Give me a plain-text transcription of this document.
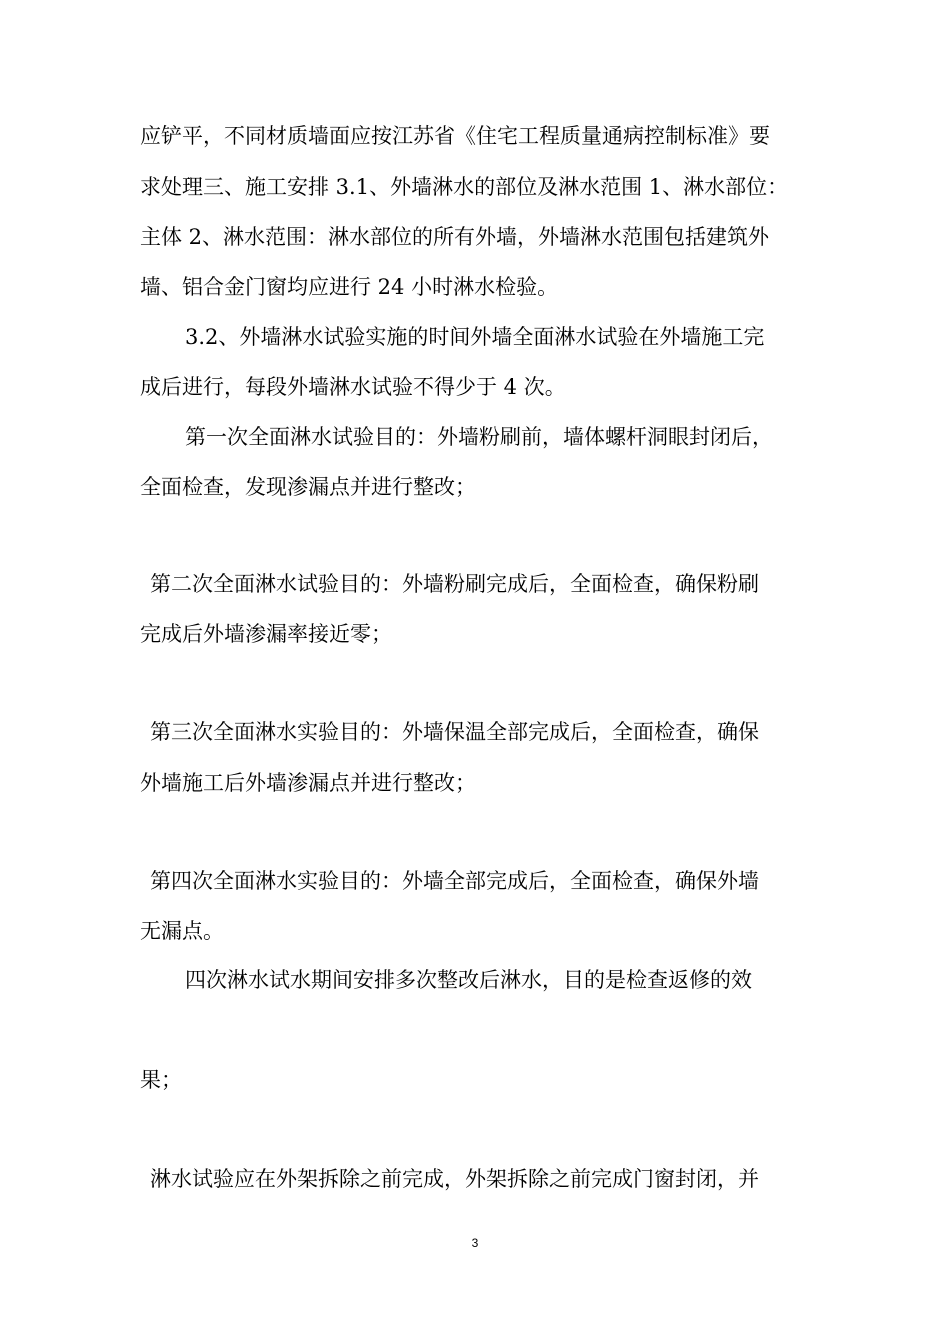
应铲平，不同材质墙面应按江苏省《住宅工程质量通病控制标准》要
求处理三、施工安排 3.1、外墙淋水的部位及淋水范围 1、淋水部位：
主体 2、淋水范围：淋水部位的所有外墙，外墙淋水范围包括建筑外
墙、铝合金门窗均应进行 24 小时淋水检验。
3.2、外墙淋水试验实施的时间外墙全面淋水试验在外墙施工完
成后进行，每段外墙淋水试验不得少于 4 次。
第一次全面淋水试验目的：外墙粉刷前，墙体螺杆洞眼封闭后，
全面检查，发现渗漏点并进行整改；
第二次全面淋水试验目的：外墙粉刷完成后，全面检查，确保粉刷
完成后外墙渗漏率接近零；
第三次全面淋水实验目的：外墙保温全部完成后，全面检查，确保
外墙施工后外墙渗漏点并进行整改；
第四次全面淋水实验目的：外墙全部完成后，全面检查，确保外墙
无漏点。
四次淋水试水期间安排多次整改后淋水，目的是检查返修的效
果；
淋水试验应在外架拆除之前完成，外架拆除之前完成门窗封闭，并
3
